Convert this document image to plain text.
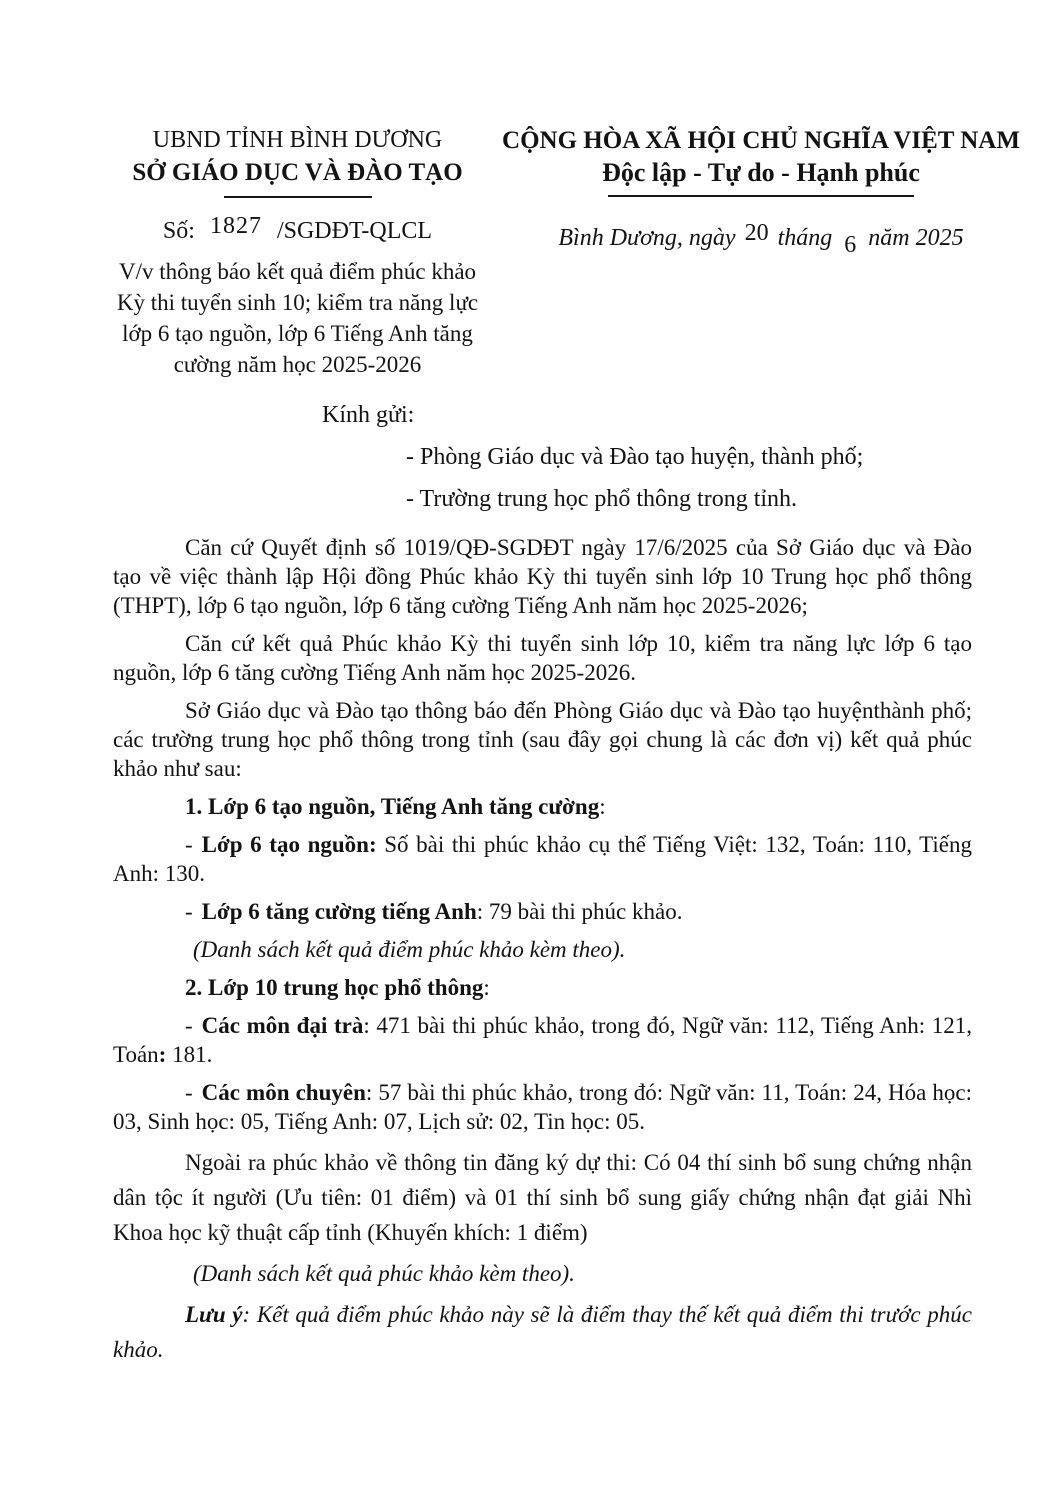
UBND TỈNH BÌNH DƯƠNG
SỞ GIÁO DỤC VÀ ĐÀO TẠO
Số: 1827 /SGDĐT-QLCL
V/v thông báo kết quả điểm phúc khảo Kỳ thi tuyển sinh 10; kiểm tra năng lực lớp 6 tạo nguồn, lớp 6 Tiếng Anh tăng cường năm học 2025-2026
CỘNG HÒA XÃ HỘI CHỦ NGHĨA VIỆT NAM
Độc lập - Tự do - Hạnh phúc
Bình Dương, ngày 20 tháng 6 năm 2025
Kính gửi:
- Phòng Giáo dục và Đào tạo huyện, thành phố;
- Trường trung học phổ thông trong tỉnh.

Căn cứ Quyết định số 1019/QĐ-SGDĐT ngày 17/6/2025 của Sở Giáo dục và Đào tạo về việc thành lập Hội đồng Phúc khảo Kỳ thi tuyển sinh lớp 10 Trung học phổ thông (THPT), lớp 6 tạo nguồn, lớp 6 tăng cường Tiếng Anh năm học 2025-2026;

Căn cứ kết quả Phúc khảo Kỳ thi tuyển sinh lớp 10, kiểm tra năng lực lớp 6 tạo nguồn, lớp 6 tăng cường Tiếng Anh năm học 2025-2026.

Sở Giáo dục và Đào tạo thông báo đến Phòng Giáo dục và Đào tạo huyệnthành phố; các trường trung học phổ thông trong tỉnh (sau đây gọi chung là các đơn vị) kết quả phúc khảo như sau:

1. Lớp 6 tạo nguồn, Tiếng Anh tăng cường:

- Lớp 6 tạo nguồn: Số bài thi phúc khảo cụ thể Tiếng Việt: 132, Toán: 110, Tiếng Anh: 130.

- Lớp 6 tăng cường tiếng Anh: 79 bài thi phúc khảo.

(Danh sách kết quả điểm phúc khảo kèm theo).

2. Lớp 10 trung học phổ thông:

- Các môn đại trà: 471 bài thi phúc khảo, trong đó, Ngữ văn: 112, Tiếng Anh: 121, Toán: 181.

- Các môn chuyên: 57 bài thi phúc khảo, trong đó: Ngữ văn: 11, Toán: 24, Hóa học: 03, Sinh học: 05, Tiếng Anh: 07, Lịch sử: 02, Tin học: 05.

Ngoài ra phúc khảo về thông tin đăng ký dự thi: Có 04 thí sinh bổ sung chứng nhận dân tộc ít người (Ưu tiên: 01 điểm) và 01 thí sinh bổ sung giấy chứng nhận đạt giải Nhì Khoa học kỹ thuật cấp tỉnh (Khuyến khích: 1 điểm)

(Danh sách kết quả phúc khảo kèm theo).

Lưu ý: Kết quả điểm phúc khảo này sẽ là điểm thay thế kết quả điểm thi trước phúc khảo.
